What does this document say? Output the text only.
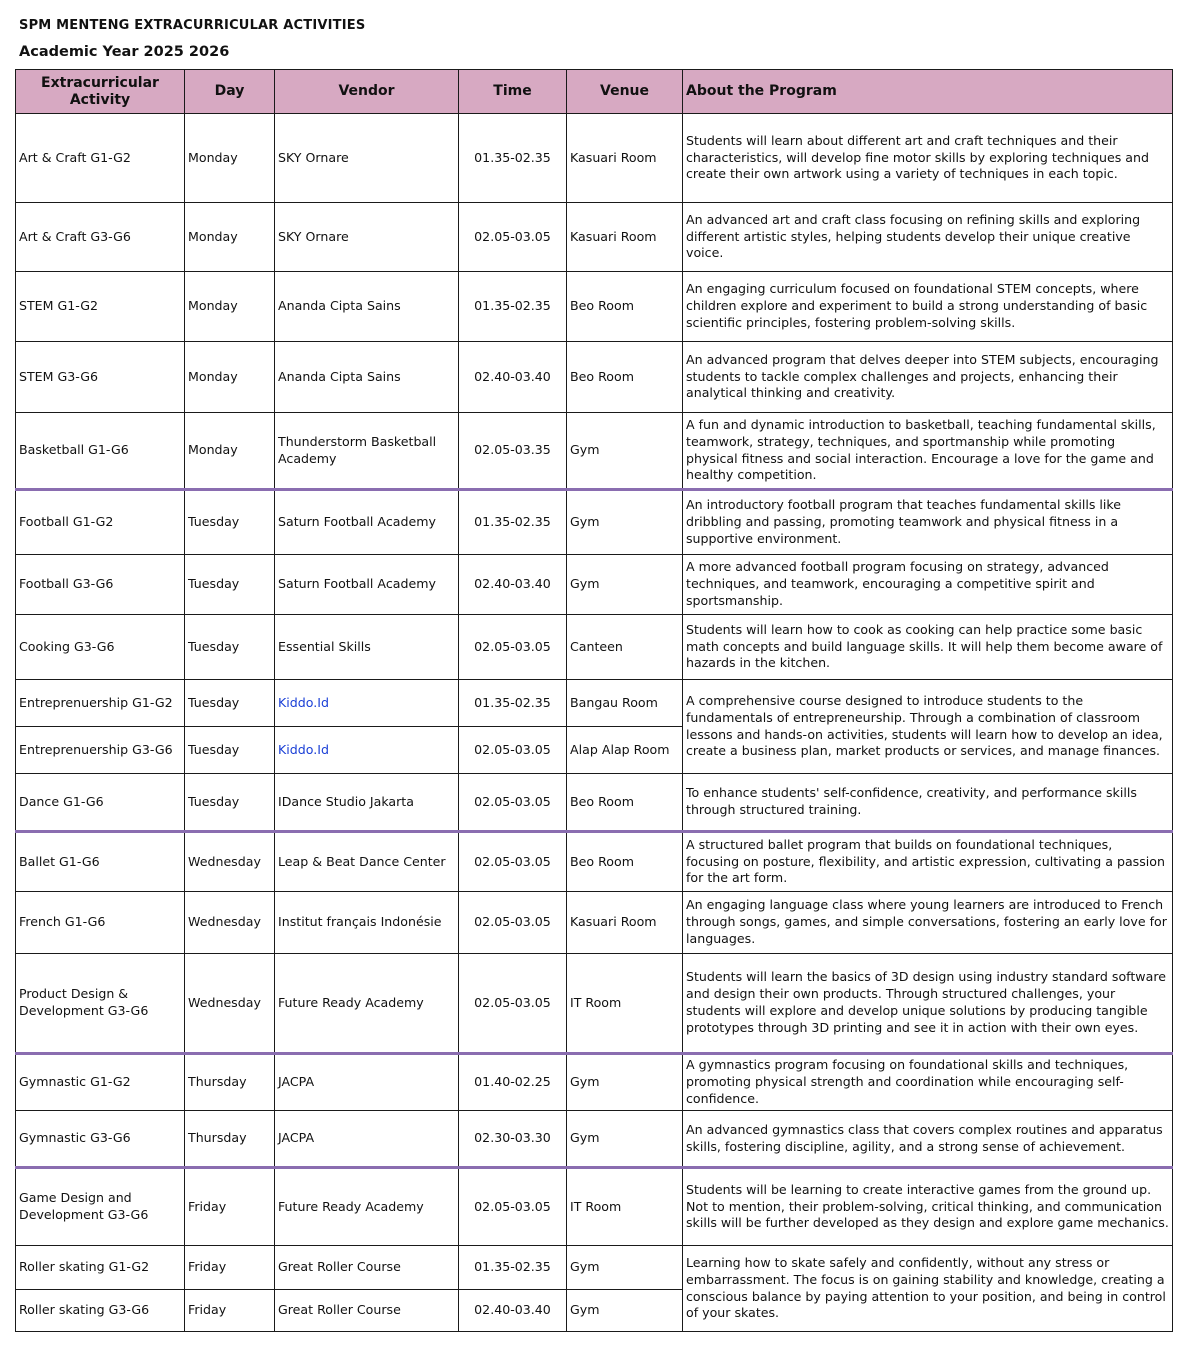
SPM MENTENG EXTRACURRICULAR ACTIVITIES
Academic Year 2025 2026
Extracurricular Activity	Day	Vendor	Time	Venue	About the Program
Art & Craft G1-G2	Monday	SKY Ornare	01.35-02.35	Kasuari Room	Students will learn about different art and craft techniques and their characteristics, will develop fine motor skills by exploring techniques and create their own artwork using a variety of techniques in each topic.
Art & Craft G3-G6	Monday	SKY Ornare	02.05-03.05	Kasuari Room	An advanced art and craft class focusing on refining skills and exploring different artistic styles, helping students develop their unique creative voice.
STEM G1-G2	Monday	Ananda Cipta Sains	01.35-02.35	Beo Room	An engaging curriculum focused on foundational STEM concepts, where children explore and experiment to build a strong understanding of basic scientific principles, fostering problem-solving skills.
STEM G3-G6	Monday	Ananda Cipta Sains	02.40-03.40	Beo Room	An advanced program that delves deeper into STEM subjects, encouraging students to tackle complex challenges and projects, enhancing their analytical thinking and creativity.
Basketball G1-G6	Monday	Thunderstorm Basketball Academy	02.05-03.35	Gym	A fun and dynamic introduction to basketball, teaching fundamental skills, teamwork, strategy, techniques, and sportmanship while promoting physical fitness and social interaction. Encourage a love for the game and healthy competition.
Football G1-G2	Tuesday	Saturn Football Academy	01.35-02.35	Gym	An introductory football program that teaches fundamental skills like dribbling and passing, promoting teamwork and physical fitness in a supportive environment.
Football G3-G6	Tuesday	Saturn Football Academy	02.40-03.40	Gym	A more advanced football program focusing on strategy, advanced techniques, and teamwork, encouraging a competitive spirit and sportsmanship.
Cooking G3-G6	Tuesday	Essential Skills	02.05-03.05	Canteen	Students will learn how to cook as cooking can help practice some basic math concepts and build language skills. It will help them become aware of hazards in the kitchen.
Entreprenuership G1-G2	Tuesday	Kiddo.Id	01.35-02.35	Bangau Room	A comprehensive course designed to introduce students to the fundamentals of entrepreneurship. Through a combination of classroom lessons and hands-on activities, students will learn how to develop an idea, create a business plan, market products or services, and manage finances.
Entreprenuership G3-G6	Tuesday	Kiddo.Id	02.05-03.05	Alap Alap Room	
Dance G1-G6	Tuesday	IDance Studio Jakarta	02.05-03.05	Beo Room	To enhance students' self-confidence, creativity, and performance skills through structured training.
Ballet G1-G6	Wednesday	Leap & Beat Dance Center	02.05-03.05	Beo Room	A structured ballet program that builds on foundational techniques, focusing on posture, flexibility, and artistic expression, cultivating a passion for the art form.
French G1-G6	Wednesday	Institut français Indonésie	02.05-03.05	Kasuari Room	An engaging language class where young learners are introduced to French through songs, games, and simple conversations, fostering an early love for languages.
Product Design & Development G3-G6	Wednesday	Future Ready Academy	02.05-03.05	IT Room	Students will learn the basics of 3D design using industry standard software and design their own products. Through structured challenges, your students will explore and develop unique solutions by producing tangible prototypes through 3D printing and see it in action with their own eyes.
Gymnastic G1-G2	Thursday	JACPA	01.40-02.25	Gym	A gymnastics program focusing on foundational skills and techniques, promoting physical strength and coordination while encouraging self-confidence.
Gymnastic G3-G6	Thursday	JACPA	02.30-03.30	Gym	An advanced gymnastics class that covers complex routines and apparatus skills, fostering discipline, agility, and a strong sense of achievement.
Game Design and Development G3-G6	Friday	Future Ready Academy	02.05-03.05	IT Room	Students will be learning to create interactive games from the ground up. Not to mention, their problem-solving, critical thinking, and communication skills will be further developed as they design and explore game mechanics.
Roller skating G1-G2	Friday	Great Roller Course	01.35-02.35	Gym	Learning how to skate safely and confidently, without any stress or embarrassment. The focus is on gaining stability and knowledge, creating a conscious balance by paying attention to your position, and being in control of your skates.
Roller skating G3-G6	Friday	Great Roller Course	02.40-03.40	Gym	
